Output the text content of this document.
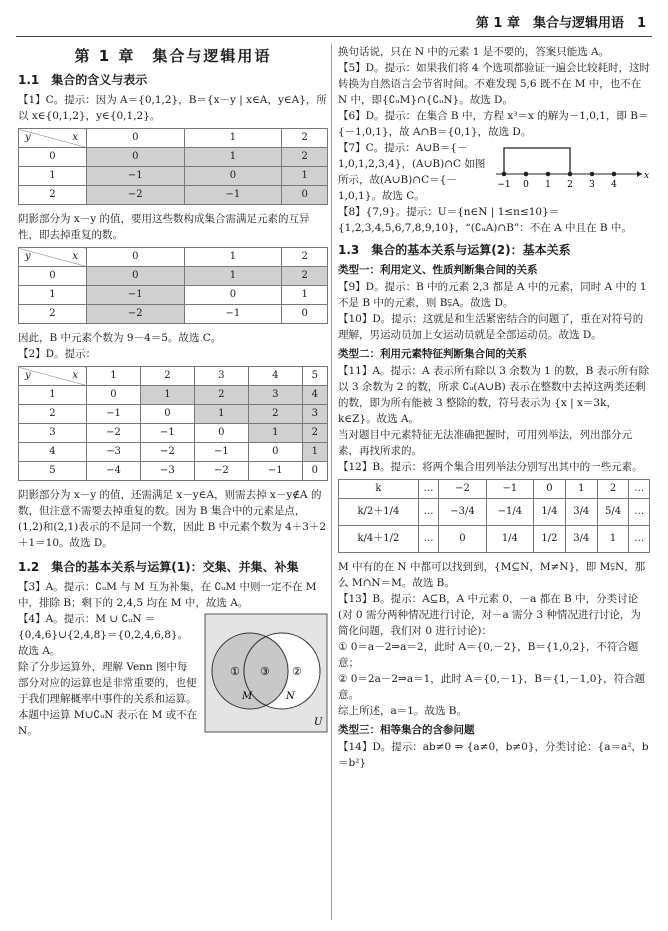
第 1 章　集合与逻辑用语　1
第 1 章　集合与逻辑用语
1.1　集合的含义与表示

【1】C。提示：因为 A＝{0,1,2}，B＝{x－y | x∈A，y∈A}，所以 x∈{0,1,2}，y∈{0,1,2}。

x
y	0	1	2
0	0	1	2
1	−1	0	1
2	−2	−1	0

阴影部分为 x－y 的值，要用这些数构成集合需满足元素的互异性，即去掉重复的数。

x
y	0	1	2
0	0	1	2
1	−1	0	1
2	−2	−1	0

因此，B 中元素个数为 9－4＝5。故选 C。

【2】D。提示：

x
y	1	2	3	4	5
1	0	1	2	3	4
2	−1	0	1	2	3
3	−2	−1	0	1	2
4	−3	−2	−1	0	1
5	−4	−3	−2	−1	0

阴影部分为 x－y 的值，还需满足 x－y∈A，则需去掉 x－y∉A 的数，但注意不需要去掉重复的数。因为 B 集合中的元素是点，(1,2)和(2,1)表示的不是同一个数，因此 B 中元素个数为 4＋3＋2＋1＝10。故选 D。

1.2　集合的基本关系与运算(1)：交集、并集、补集

【3】A。提示：∁ᵤM 与 M 互为补集，在 ∁ᵤM 中则一定不在 M 中，排除 B；剩下的 2,4,5 均在 M 中，故选 A。

① ③ ②
M	N
U

【4】A。提示：M ∪ ∁ᵤN ＝ {0,4,6}∪{2,4,8}＝{0,2,4,6,8}。故选 A。

除了分步运算外，理解 Venn 图中每部分对应的运算也是非常重要的，也便于我们理解概率中事件的关系和运算。本题中运算 M∪∁ᵤN 表示在 M 或不在 N。

换句话说，只在 N 中的元素 1 是不要的，答案只能选 A。

【5】D。提示：如果我们将 4 个选项都验证一遍会比较耗时，这时转换为自然语言会节省时间。不难发现 5,6 既不在 M 中，也不在 N 中，即{∁ᵤM}∩{∁ᵤN}。故选 D。

【6】D。提示：在集合 B 中，方程 x³＝x 的解为－1,0,1，即 B＝{－1,0,1}，故 A∩B＝{0,1}，故选 D。

−1 0 1 2 3 4
x

【7】C。提示：A∪B＝{－1,0,1,2,3,4}，(A∪B)∩C 如图所示，故(A∪B)∩C＝{－1,0,1}。故选 C。

【8】{7,9}。提示：U＝{n∈N | 1≤n≤10}＝{1,2,3,4,5,6,7,8,9,10}，“(∁ᵤA)∩B”：不在 A 中且在 B 中。

1.3　集合的基本关系与运算(2)：基本关系
类型一：利用定义、性质判断集合间的关系

【9】D。提示：B 中的元素 2,3 都是 A 中的元素，同时 A 中的 1 不是 B 中的元素，则 B⫋A。故选 D。

【10】D。提示：这就是和生活紧密结合的问题了，重在对符号的理解，男运动员加上女运动员就是全部运动员。故选 D。

类型二：利用元素特征判断集合间的关系

【11】A。提示：A 表示所有除以 3 余数为 1 的数，B 表示所有除以 3 余数为 2 的数，所求 ∁ᵤ(A∪B) 表示在整数中去掉这两类还剩的数，即为所有能被 3 整除的数，符号表示为 {x | x＝3k，k∈Z}。故选 A。

当对题目中元素特征无法准确把握时，可用列举法，列出部分元素，再找所求的。

【12】B。提示：将两个集合用列举法分别写出其中的一些元素。

k	…	−2	−1	0	1	2	…
k/2＋1/4	…	−3/4	−1/4	1/4	3/4	5/4	…
k/4＋1/2	…	0	1/4	1/2	3/4	1	…

M 中有的在 N 中都可以找到到，{M⊆N，M≠N}，即 M⫋N，那么 M∩N＝M。故选 B。

【13】B。提示：A⊆B，A 中元素 0，－a 都在 B 中，分类讨论(对 0 需分两种情况进行讨论，对－a 需分 3 种情况进行讨论，为简化问题，我们对 0 进行讨论)：

① 0＝a－2⇒a＝2，此时 A＝{0,－2}，B＝{1,0,2}，不符合题意；

② 0＝2a－2⇒a＝1，此时 A＝{0,－1}，B＝{1,－1,0}，符合题意。

综上所述，a＝1。故选 B。

类型三：相等集合的含参问题

【14】D。提示：ab≠0 ⇒ {a≠0，b≠0}，分类讨论：{a＝a²，b＝b²}
